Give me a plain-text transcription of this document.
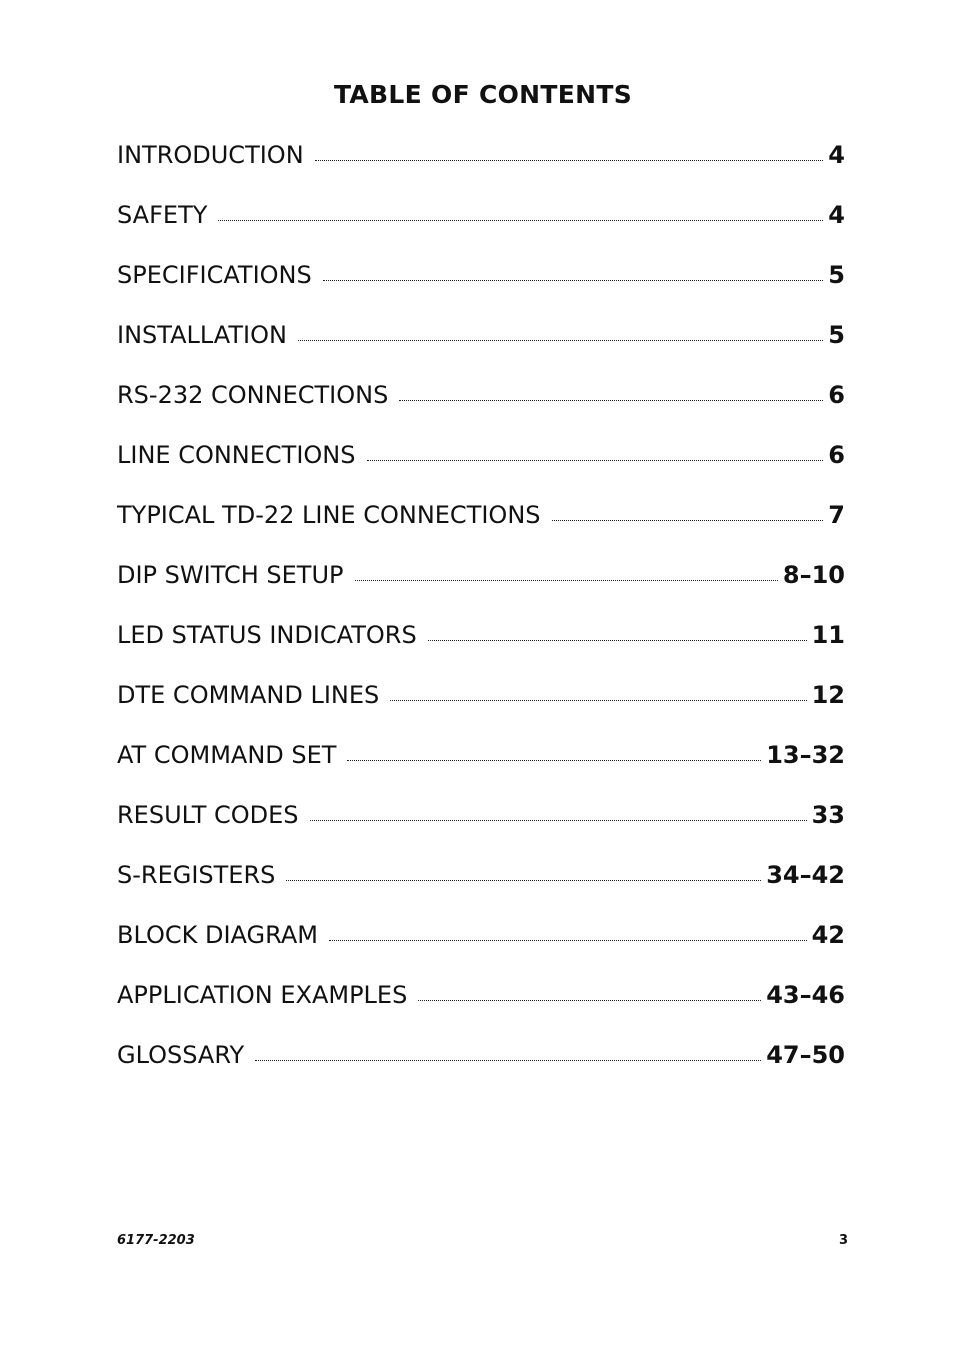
TABLE OF CONTENTS
INTRODUCTION	4
SAFETY	4
SPECIFICATIONS	5
INSTALLATION	5
RS-232 CONNECTIONS	6
LINE CONNECTIONS	6
TYPICAL TD-22 LINE CONNECTIONS	7
DIP SWITCH SETUP	8–10
LED STATUS INDICATORS	11
DTE COMMAND LINES	12
AT COMMAND SET	13–32
RESULT CODES	33
S-REGISTERS	34–42
BLOCK DIAGRAM	42
APPLICATION EXAMPLES	43–46
GLOSSARY	47–50
6177-2203	3
